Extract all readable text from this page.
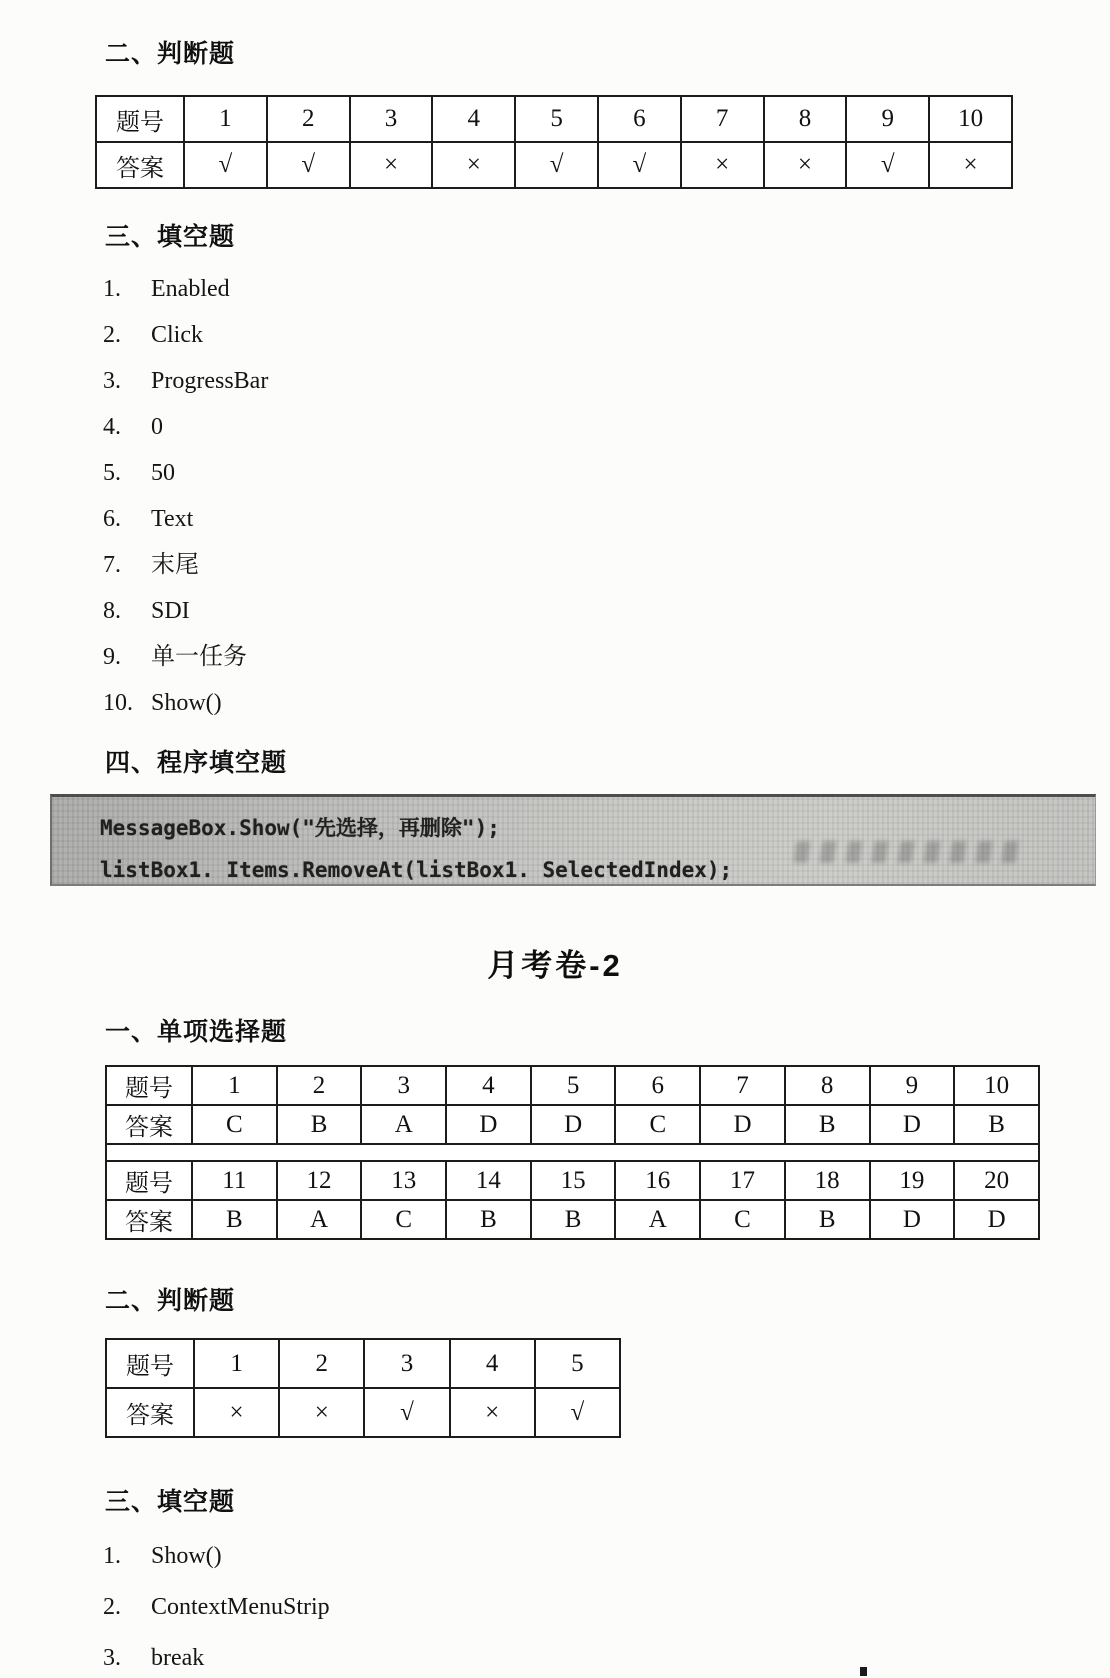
二、判断题
题号	1	2	3	4	5	6	7	8	9	10
答案	√	√	×	×	√	√	×	×	√	×
三、填空题
1. Enabled
2. Click
3. ProgressBar
4. 0
5. 50
6. Text
7. 末尾
8. SDI
9. 单一任务
10. Show()
四、程序填空题
MessageBox.Show("先选择，再删除");
listBox1. Items.RemoveAt(listBox1. SelectedIndex);
月考卷-2
一、单项选择题
题号	1	2	3	4	5	6	7	8	9	10
答案	C	B	A	D	D	C	D	B	D	B

题号	11	12	13	14	15	16	17	18	19	20
答案	B	A	C	B	B	A	C	B	D	D
二、判断题
题号	1	2	3	4	5
答案	×	×	√	×	√
三、填空题
1. Show()
2. ContextMenuStrip
3. break
